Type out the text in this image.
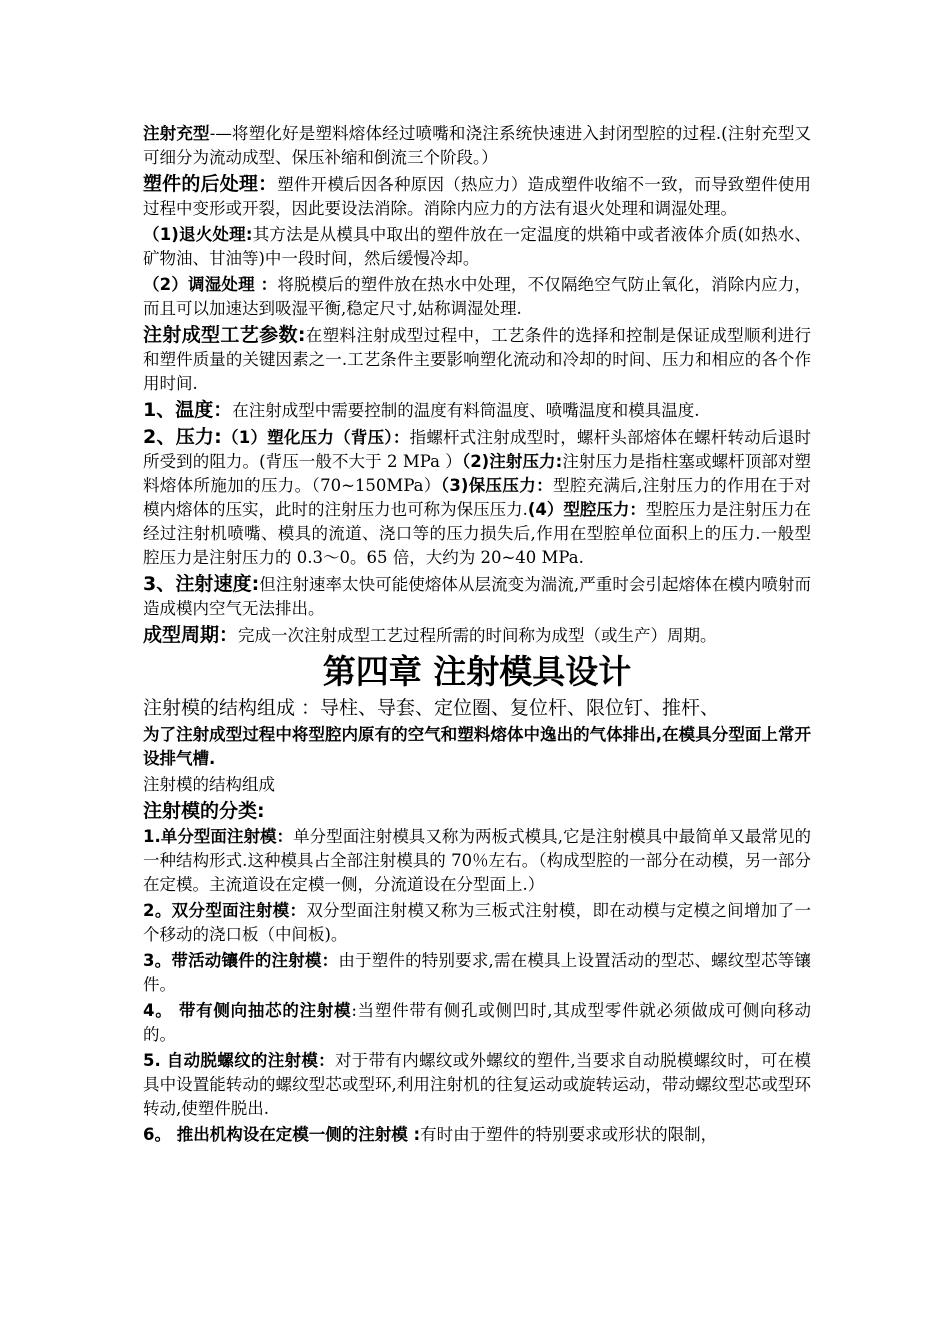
注射充型-—将塑化好是塑料熔体经过喷嘴和浇注系统快速进入封闭型腔的过程.(注射充型又可细分为流动成型、保压补缩和倒流三个阶段。）

塑件的后处理：塑件开模后因各种原因（热应力）造成塑件收缩不一致，而导致塑件使用过程中变形或开裂，因此要设法消除。消除内应力的方法有退火处理和调湿处理。

（1)退火处理:其方法是从模具中取出的塑件放在一定温度的烘箱中或者液体介质(如热水、矿物油、甘油等)中一段时间，然后缓慢冷却。

（2）调湿处理 ：将脱模后的塑件放在热水中处理，不仅隔绝空气防止氧化，消除内应力，而且可以加速达到吸湿平衡,稳定尺寸,姑称调湿处理.

注射成型工艺参数:在塑料注射成型过程中，工艺条件的选择和控制是保证成型顺利进行和塑件质量的关键因素之一.工艺条件主要影响塑化流动和冷却的时间、压力和相应的各个作用时间.

1、温度：在注射成型中需要控制的温度有料筒温度、喷嘴温度和模具温度.

2、压力:（1）塑化压力（背压）：指螺杆式注射成型时，螺杆头部熔体在螺杆转动后退时所受到的阻力。(背压一般不大于 2 MPa ）（2)注射压力:注射压力是指柱塞或螺杆顶部对塑料熔体所施加的压力。（70~150MPa）（3)保压压力：型腔充满后,注射压力的作用在于对模内熔体的压实，此时的注射压力也可称为保压压力.(4）型腔压力：型腔压力是注射压力在经过注射机喷嘴、模具的流道、浇口等的压力损失后,作用在型腔单位面积上的压力.一般型腔压力是注射压力的 0.3～0。65 倍，大约为 20~40 MPa.

3、注射速度:但注射速率太快可能使熔体从层流变为湍流,严重时会引起熔体在模内喷射而造成模内空气无法排出。

成型周期：完成一次注射成型工艺过程所需的时间称为成型（或生产）周期。

第四章 注射模具设计

注射模的结构组成 ：导柱、导套、定位圈、复位杆、限位钉、推杆、

为了注射成型过程中将型腔内原有的空气和塑料熔体中逸出的气体排出,在模具分型面上常开设排气槽.

注射模的结构组成

注射模的分类:

1.单分型面注射模：单分型面注射模具又称为两板式模具,它是注射模具中最简单又最常见的一种结构形式.这种模具占全部注射模具的 70％左右。（构成型腔的一部分在动模，另一部分在定模。主流道设在定模一侧，分流道设在分型面上.）

2。双分型面注射模：双分型面注射模又称为三板式注射模，即在动模与定模之间增加了一个移动的浇口板（中间板)。

3。带活动镶件的注射模：由于塑件的特别要求,需在模具上设置活动的型芯、螺纹型芯等镶件。

4。 带有侧向抽芯的注射模:当塑件带有侧孔或侧凹时,其成型零件就必须做成可侧向移动的。

5. 自动脱螺纹的注射模：对于带有内螺纹或外螺纹的塑件,当要求自动脱模螺纹时，可在模具中设置能转动的螺纹型芯或型环,利用注射机的往复运动或旋转运动，带动螺纹型芯或型环转动,使塑件脱出.

6。 推出机构设在定模一侧的注射模 :有时由于塑件的特别要求或形状的限制，
